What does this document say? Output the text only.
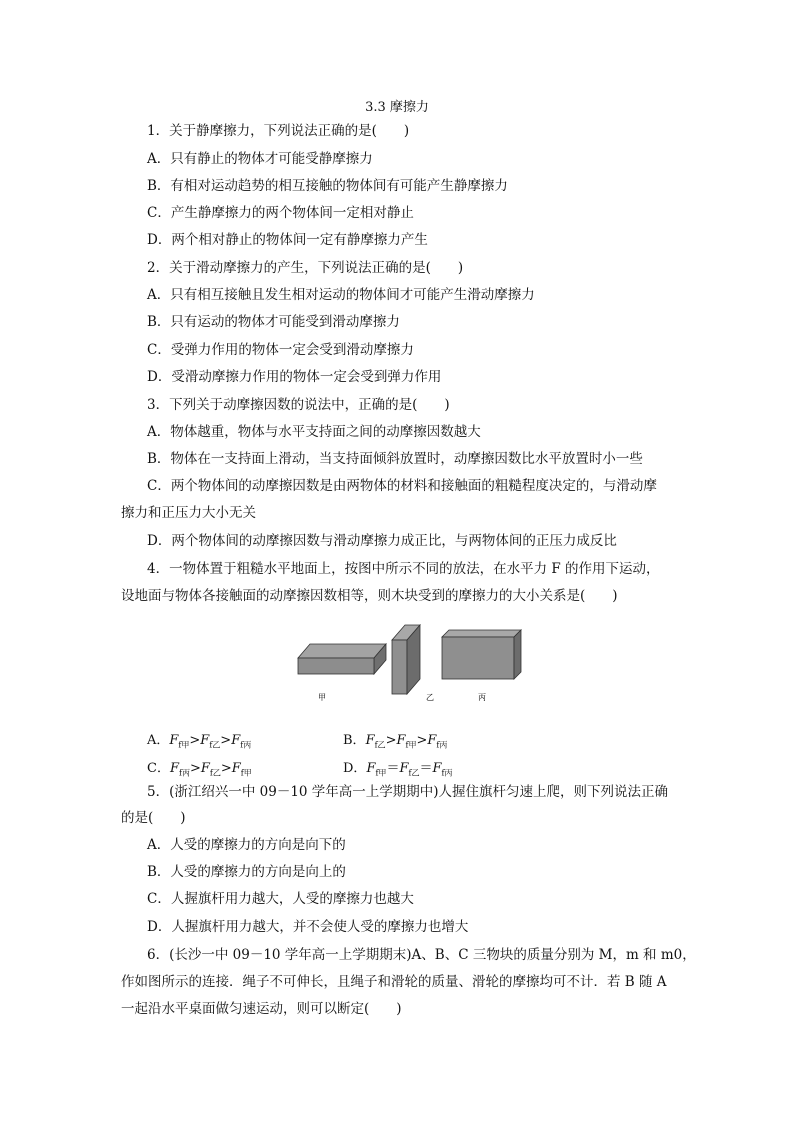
3.3 摩擦力
1．关于静摩擦力，下列说法正确的是(　　)
A．只有静止的物体才可能受静摩擦力
B．有相对运动趋势的相互接触的物体间有可能产生静摩擦力
C．产生静摩擦力的两个物体间一定相对静止
D．两个相对静止的物体间一定有静摩擦力产生
2．关于滑动摩擦力的产生，下列说法正确的是(　　)
A．只有相互接触且发生相对运动的物体间才可能产生滑动摩擦力
B．只有运动的物体才可能受到滑动摩擦力
C．受弹力作用的物体一定会受到滑动摩擦力
D．受滑动摩擦力作用的物体一定会受到弹力作用
3．下列关于动摩擦因数的说法中，正确的是(　　)
A．物体越重，物体与水平支持面之间的动摩擦因数越大
B．物体在一支持面上滑动，当支持面倾斜放置时，动摩擦因数比水平放置时小一些
C．两个物体间的动摩擦因数是由两物体的材料和接触面的粗糙程度决定的，与滑动摩
擦力和正压力大小无关
D．两个物体间的动摩擦因数与滑动摩擦力成正比，与两物体间的正压力成反比
4．一物体置于粗糙水平地面上，按图中所示不同的放法，在水平力 F 的作用下运动，
设地面与物体各接触面的动摩擦因数相等，则木块受到的摩擦力的大小关系是(　　)
甲	乙	丙
A．$F_{f甲}>F_{f乙}>F_{f丙}$	B．$F_{f乙}>F_{f甲}>F_{f丙}$
C．$F_{f丙}>F_{f乙}>F_{f甲}$	D．$F_{f甲}=F_{f乙}=F_{f丙}$
5．(浙江绍兴一中 09－10 学年高一上学期期中)人握住旗杆匀速上爬，则下列说法正确
的是(　　)
A．人受的摩擦力的方向是向下的
B．人受的摩擦力的方向是向上的
C．人握旗杆用力越大，人受的摩擦力也越大
D．人握旗杆用力越大，并不会使人受的摩擦力也增大
6．(长沙一中 09－10 学年高一上学期期末)A、B、C 三物块的质量分别为 M，m 和 m0，
作如图所示的连接．绳子不可伸长，且绳子和滑轮的质量、滑轮的摩擦均可不计．若 B 随 A
一起沿水平桌面做匀速运动，则可以断定(　　)
